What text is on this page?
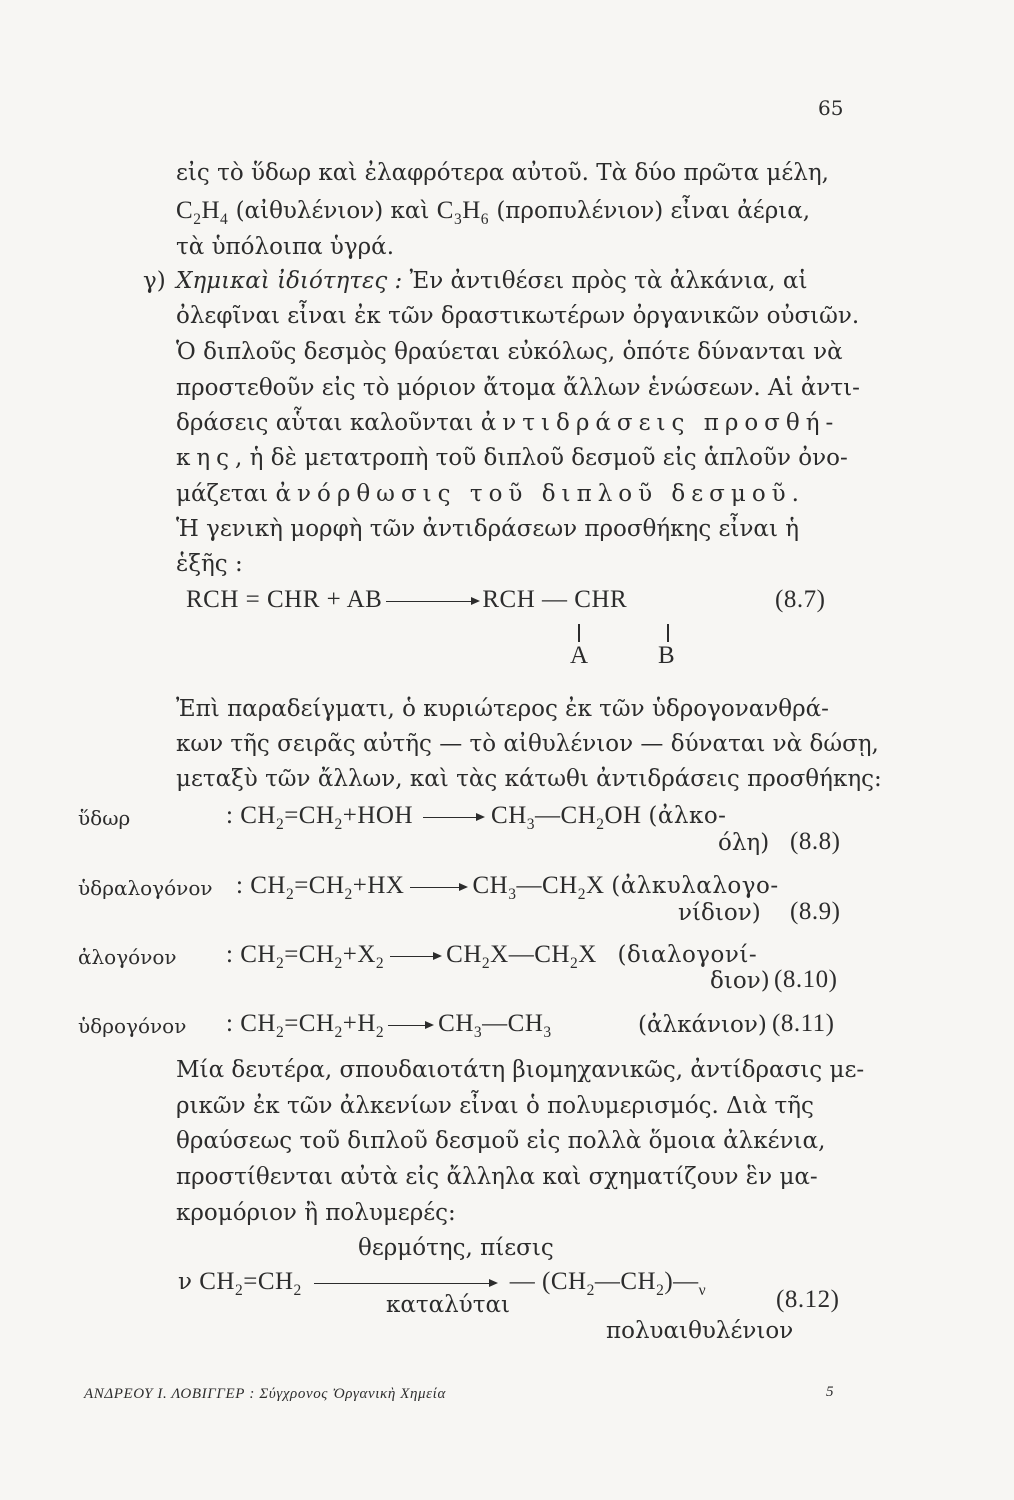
65
εἰς τὸ ὕδωρ καὶ ἐλαφρότερα αὐτοῦ. Τὰ δύο πρῶτα μέλη,
$C_2H_4$ (αἰθυλένιον) καὶ $C_3H_6$ (προπυλένιον) εἶναι ἀέρια,
τὰ ὑπόλοιπα ὑγρά.
γ) Χημικαὶ ἰδιότητες : Ἐν ἀντιθέσει πρὸς τὰ ἀλκάνια, αἱ
ὀλεφῖναι εἶναι ἐκ τῶν δραστικωτέρων ὀργανικῶν οὐσιῶν.
Ὁ διπλοῦς δεσμὸς θραύεται εὐκόλως, ὁπότε δύνανται νὰ
προστεθοῦν εἰς τὸ μόριον ἄτομα ἄλλων ἑνώσεων. Αἱ ἀντι-
δράσεις αὗται καλοῦνται ἀντιδράσεις προσθή-
κης, ἡ δὲ μετατροπὴ τοῦ διπλοῦ δεσμοῦ εἰς ἁπλοῦν ὀνο-
μάζεται ἀνόρθωσις τοῦ διπλοῦ δεσμοῦ.
Ἡ γενικὴ μορφὴ τῶν ἀντιδράσεων προσθήκης εἶναι ἡ
ἑξῆς :
RCH = CHR + AB → RCH — CHR	(8.7)
A	B
Ἐπὶ παραδείγματι, ὁ κυριώτερος ἐκ τῶν ὑδρογονανθρά-
κων τῆς σειρᾶς αὐτῆς — τὸ αἰθυλένιον — δύναται νὰ δώσῃ,
μεταξὺ τῶν ἄλλων, καὶ τὰς κάτωθι ἀντιδράσεις προσθήκης:
ὕδωρ	: $CH_2=CH_2+HOH$ → $CH_3—CH_2OH$ (ἀλκο-
όλη) (8.8)
ὑδραλογόνον : $CH_2=CH_2+HX$ → $CH_3—CH_2X$ (ἀλκυλαλογο-
νίδιον) (8.9)
ἀλογόνον : $CH_2=CH_2+X_2$ → $CH_2X—CH_2X$ (διαλογονί-
διον) (8.10)
ὑδρογόνον : $CH_2=CH_2+H_2$ → $CH_3—CH_3$	(ἀλκάνιον) (8.11)
Μία δευτέρα, σπουδαιοτάτη βιομηχανικῶς, ἀντίδρασις με-
ρικῶν ἐκ τῶν ἀλκενίων εἶναι ὁ πολυμερισμός. Διὰ τῆς
θραύσεως τοῦ διπλοῦ δεσμοῦ εἰς πολλὰ ὅμοια ἀλκένια,
προστίθενται αὐτὰ εἰς ἄλληλα καὶ σχηματίζουν ἓν μα-
κρομόριον ἢ πολυμερές:
θερμότης, πίεσις
ν $CH_2=CH_2$	— $(CH_2—CH_2)—_\nu$
καταλύται	(8.12)
πολυαιθυλένιον
ΑΝΔΡΕΟΥ Ι. ΛΟΒΙΓΓΕΡ : Σύγχρονος Ὀργανικὴ Χημεία	5
